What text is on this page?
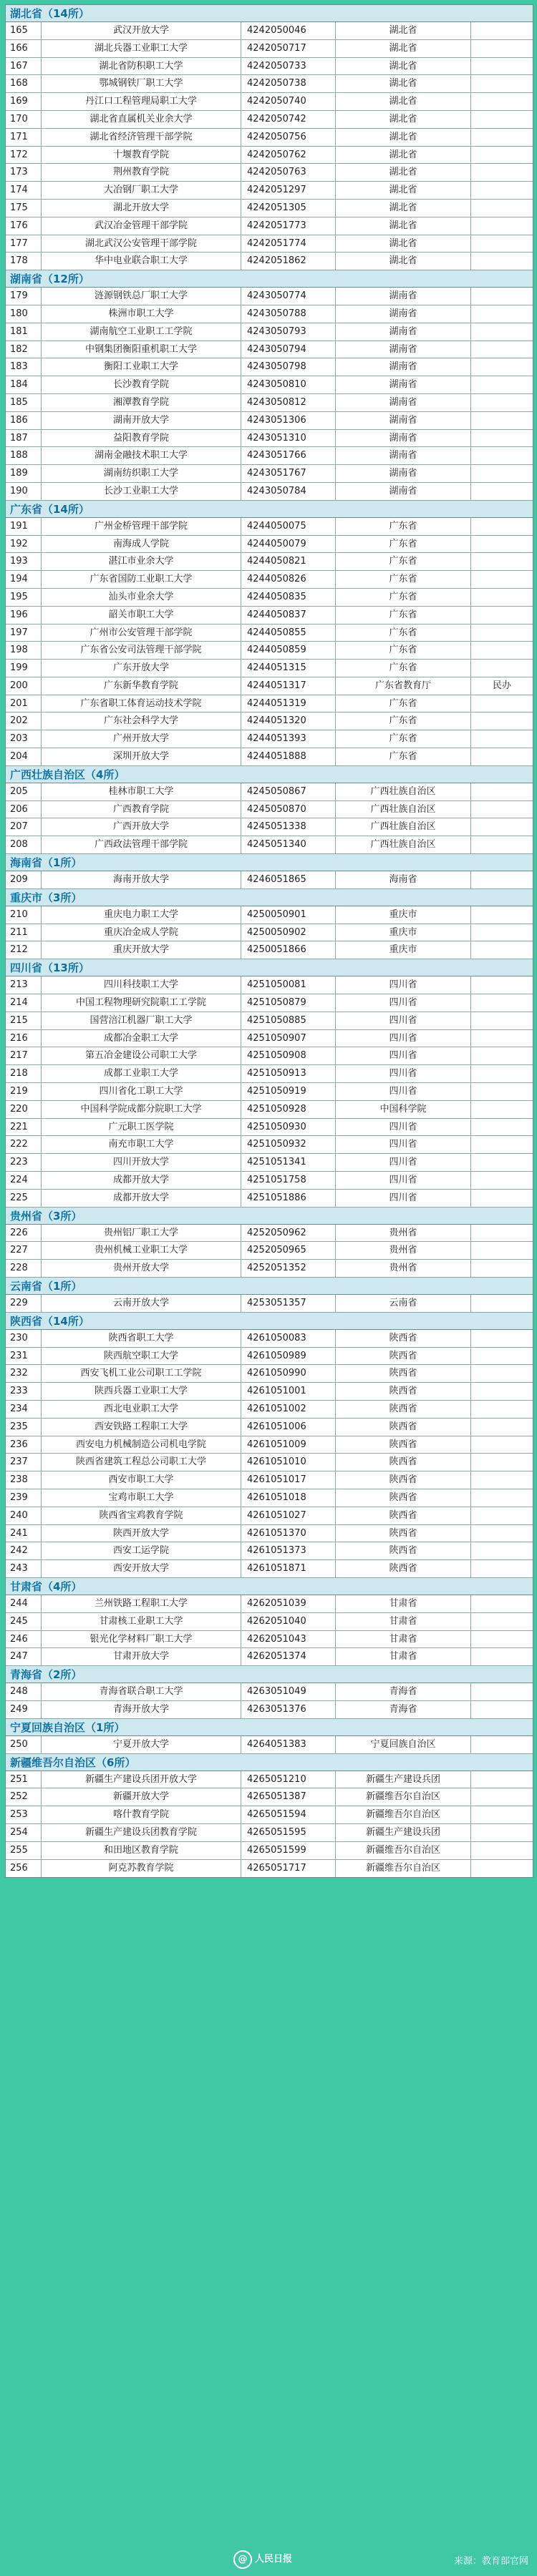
湖北省（14所）
165	武汉开放大学	4242050046	湖北省
166	湖北兵器工业职工大学	4242050717	湖北省
167	湖北省防积职工大学	4242050733	湖北省
168	鄂城钢铁厂职工大学	4242050738	湖北省
169	丹江口工程管理局职工大学	4242050740	湖北省
170	湖北省直属机关业余大学	4242050742	湖北省
171	湖北省经济管理干部学院	4242050756	湖北省
172	十堰教育学院	4242050762	湖北省
173	荆州教育学院	4242050763	湖北省
174	大冶钢厂职工大学	4242051297	湖北省
175	湖北开放大学	4242051305	湖北省
176	武汉冶金管理干部学院	4242051773	湖北省
177	湖北武汉公安管理干部学院	4242051774	湖北省
178	华中电业联合职工大学	4242051862	湖北省
湖南省（12所）
179	涟源钢铁总厂职工大学	4243050774	湖南省
180	株洲市职工大学	4243050788	湖南省
181	湖南航空工业职工工学院	4243050793	湖南省
182	中钢集团衡阳重机职工大学	4243050794	湖南省
183	衡阳工业职工大学	4243050798	湖南省
184	长沙教育学院	4243050810	湖南省
185	湘潭教育学院	4243050812	湖南省
186	湖南开放大学	4243051306	湖南省
187	益阳教育学院	4243051310	湖南省
188	湖南金融技术职工大学	4243051766	湖南省
189	湖南纺织职工大学	4243051767	湖南省
190	长沙工业职工大学	4243050784	湖南省
广东省（14所）
191	广州金桥管理干部学院	4244050075	广东省
192	南海成人学院	4244050079	广东省
193	湛江市业余大学	4244050821	广东省
194	广东省国防工业职工大学	4244050826	广东省
195	汕头市业余大学	4244050835	广东省
196	韶关市职工大学	4244050837	广东省
197	广州市公安管理干部学院	4244050855	广东省
198	广东省公安司法管理干部学院	4244050859	广东省
199	广东开放大学	4244051315	广东省
200	广东新华教育学院	4244051317	广东省教育厅	民办
201	广东省职工体育运动技术学院	4244051319	广东省
202	广东社会科学大学	4244051320	广东省
203	广州开放大学	4244051393	广东省
204	深圳开放大学	4244051888	广东省
广西壮族自治区（4所）
205	桂林市职工大学	4245050867	广西壮族自治区
206	广西教育学院	4245050870	广西壮族自治区
207	广西开放大学	4245051338	广西壮族自治区
208	广西政法管理干部学院	4245051340	广西壮族自治区
海南省（1所）
209	海南开放大学	4246051865	海南省
重庆市（3所）
210	重庆电力职工大学	4250050901	重庆市
211	重庆冶金成人学院	4250050902	重庆市
212	重庆开放大学	4250051866	重庆市
四川省（13所）
213	四川科技职工大学	4251050081	四川省
214	中国工程物理研究院职工工学院	4251050879	四川省
215	国营涪江机器厂职工大学	4251050885	四川省
216	成都冶金职工大学	4251050907	四川省
217	第五冶金建设公司职工大学	4251050908	四川省
218	成都工业职工大学	4251050913	四川省
219	四川省化工职工大学	4251050919	四川省
220	中国科学院成都分院职工大学	4251050928	中国科学院
221	广元职工医学院	4251050930	四川省
222	南充市职工大学	4251050932	四川省
223	四川开放大学	4251051341	四川省
224	成都开放大学	4251051758	四川省
225	成都开放大学	4251051886	四川省
贵州省（3所）
226	贵州铝厂职工大学	4252050962	贵州省
227	贵州机械工业职工大学	4252050965	贵州省
228	贵州开放大学	4252051352	贵州省
云南省（1所）
229	云南开放大学	4253051357	云南省
陕西省（14所）
230	陕西省职工大学	4261050083	陕西省
231	陕西航空职工大学	4261050989	陕西省
232	西安飞机工业公司职工工学院	4261050990	陕西省
233	陕西兵器工业职工大学	4261051001	陕西省
234	西北电业职工大学	4261051002	陕西省
235	西安铁路工程职工大学	4261051006	陕西省
236	西安电力机械制造公司机电学院	4261051009	陕西省
237	陕西省建筑工程总公司职工大学	4261051010	陕西省
238	西安市职工大学	4261051017	陕西省
239	宝鸡市职工大学	4261051018	陕西省
240	陕西省宝鸡教育学院	4261051027	陕西省
241	陕西开放大学	4261051370	陕西省
242	西安工运学院	4261051373	陕西省
243	西安开放大学	4261051871	陕西省
甘肃省（4所）
244	兰州铁路工程职工大学	4262051039	甘肃省
245	甘肃核工业职工大学	4262051040	甘肃省
246	银光化学材料厂职工大学	4262051043	甘肃省
247	甘肃开放大学	4262051374	甘肃省
青海省（2所）
248	青海省联合职工大学	4263051049	青海省
249	青海开放大学	4263051376	青海省
宁夏回族自治区（1所）
250	宁夏开放大学	4264051383	宁夏回族自治区
新疆维吾尔自治区（6所）
251	新疆生产建设兵团开放大学	4265051210	新疆生产建设兵团
252	新疆开放大学	4265051387	新疆维吾尔自治区
253	喀什教育学院	4265051594	新疆维吾尔自治区
254	新疆生产建设兵团教育学院	4265051595	新疆生产建设兵团
255	和田地区教育学院	4265051599	新疆维吾尔自治区
256	阿克苏教育学院	4265051717	新疆维吾尔自治区
@ 人民日报	来源：教育部官网
